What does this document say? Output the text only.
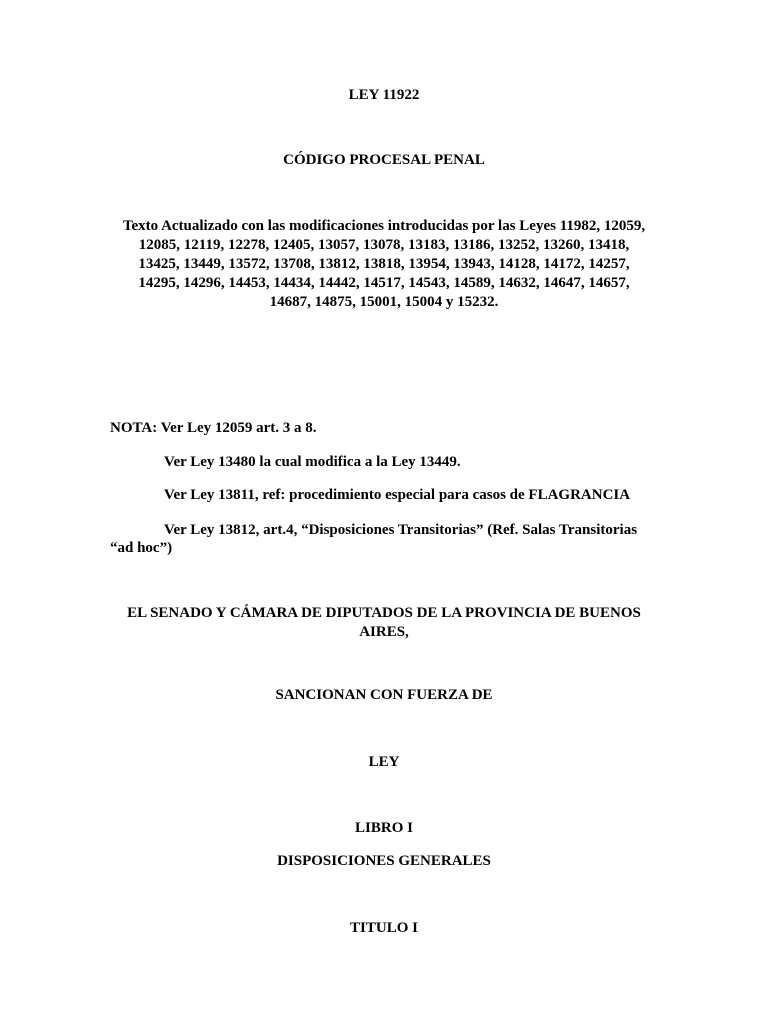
LEY 11922
CÓDIGO PROCESAL PENAL
Texto Actualizado con las modificaciones introducidas por las Leyes 11982, 12059,
12085, 12119, 12278, 12405, 13057, 13078, 13183, 13186, 13252, 13260, 13418,
13425, 13449, 13572, 13708, 13812, 13818, 13954, 13943, 14128, 14172, 14257,
14295, 14296, 14453, 14434, 14442, 14517, 14543, 14589, 14632, 14647, 14657,
14687, 14875, 15001, 15004 y 15232.
NOTA: Ver Ley 12059 art. 3 a 8.
Ver Ley 13480 la cual modifica a la Ley 13449.
Ver Ley 13811, ref: procedimiento especial para casos de FLAGRANCIA
Ver Ley 13812, art.4, “Disposiciones Transitorias” (Ref. Salas Transitorias
“ad hoc”)
EL SENADO Y CÁMARA DE DIPUTADOS DE LA PROVINCIA DE BUENOS
AIRES,
SANCIONAN CON FUERZA DE
LEY
LIBRO I
DISPOSICIONES GENERALES
TITULO I
